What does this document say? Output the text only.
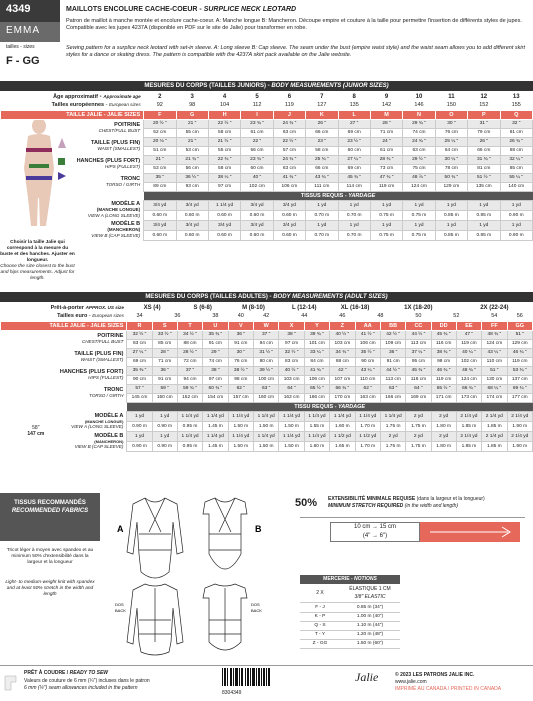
4349
EMMA
tailles - sizes
F - GG
MAILLOTS ENCOLURE CACHE-COEUR - SURPLICE NECK LEOTARD
Patron de maillot à manche montée et encolure cache-coeur. A: Manche longue B: Mancheron. Découpe empire et couture à la taille pour permettre l'insertion de différents styles de jupes. Compatible avec les jupes 4237A (disponible en PDF sur le site de Jalie) pour transformer en robe.
Sewing pattern for a surplice neck leotard with set-in sleeve. A: Long sleeve B: Cap sleeve. The seam under the bust (empire waist style) and the waist seam allows you to add different skirt styles for a dance or skating dress. The pattern is compatible with the 4237A skirt pack available on the Jalie website.
MESURES DU CORPS (TAILLES JUNIORS) - BODY MEASUREMENTS (JUNIOR SIZES)
Choisir la taille Jalie qui correspond à la mesure du buste et des hanches. Ajuster en longueur.
Choose the size closest to the bust and hips measurements. Adjust for length.
Âge approximatif - Approximate age		2	3	4	5	6	7	8	9	10	11	12	13
Tailles européennes - European sizes		92	98	104	112	119	127	135	142	146	150	152	155
TAILLE JALIE - JALIE SIZES		F	G	H	I	J	K	L	M	N	O	P	Q
	POITRINE
CHEST/FULL BUST	20 ½ "	21 "	22 ½ "	23 ¾ "	24 ¾ "	26 "	27 "	28 "	29 ¾ "	30 "	31 "	32 "
		52 cm	55 cm	58 cm	61 cm	63 cm	66 cm	69 cm	71 cm	74 cm	76 cm	79 cm	81 cm
	TAILLE (PLUS FIN)
WAIST (SMALLEST)	20 ⅛ "	21 "	21 ½ "	22 "	22 ½ "	23 "	23 ½ "	24 "	24 ¾ "	25 ¼ "	26 "	26 ¾ "
		51 cm	53 cm	55 cm	56 cm	57 cm	58 cm	60 cm	61 cm	63 cm	64 cm	66 cm	68 cm
	HANCHES (PLUS FORT)
HIPS (FULLEST)	21 "	21 ¾ "	22 ¾ "	23 ¾ "	24 ¾ "	25 ¾ "	27 ¼ "	28 ¾ "	29 ½ "	30 ¼ "	31 ¾ "	32 ¼ "
		53 cm	56 cm	58 cm	60 cm	63 cm	66 cm	69 cm	73 cm	75 cm	78 cm	81 cm	85 cm
	TRONC
TORSO / GIRTH	35 "	36 ½ "	38 ¼ "	40 "	41 ¾ "	43 ¾ "	45 ¾ "	47 ¾ "	48 ⅞ "	50 ¾ "	51 ½ "	55 ¼ "
		89 cm	93 cm	97 cm	102 cm	106 cm	111 cm	114 cm	119 cm	124 cm	129 cm	135 cm	140 cm
		TISSUS REQUIS - YARDAGE											
	MODÈLE A
(MANCHE LONGUE)
VIEW A (LONG SLEEVE)	3/4 yd	3/4 yd	1 1/4 yd	3/4 yd	3/4 yd	1 yd	1 yd	1 yd	1 yd	1 yd	1 yd	1 yd
		0.60 m	0.60 m	0.60 m	0.60 m	0.60 m	0.70 m	0.70 m	0.75 m	0.75 m	0.85 m	0.85 m	0.90 m
	MODÈLE B
(MANCHERON)
VIEW B (CAP SLEEVE)	3/4 yd	3/4 yd	3/4 yd	3/4 yd	3/4 yd	1 yd	1 yd	1 yd	1 yd	1 yd	1 yd	1 yd
		0.60 m	0.60 m	0.60 m	0.60 m	0.60 m	0.70 m	0.70 m	0.75 m	0.75 m	0.85 m	0.85 m	0.90 m
MESURES DU CORPS (TAILLES ADULTES) - BODY MEASUREMENTS (ADULT SIZES)
Prêt-à-porter APPROX. US size		XS (4)		S (6-8)		M (8-10)		L (12-14)		XL (16-18)		1X (18-20)			2X (22-24)		
Tailles euro - European sizes		34	36		38	40	42	44		46	48		50	52		54	56
TAILLE JALIE - JALIE SIZES		R	S	T	U	V	W	X	Y	Z	AA	BB	CC	DD	EE	FF	GG
POITRINE
CHEST/FULL BUST		32 ½ "	33 ½ "	34 ½ "	35 ¾ "	36 "	37 "	38 "	39 ¾ "	40 ½ "	41 ½ "	42 ½ "	44 ½ "	45 ¾ "	47 "	48 ¾ "	51 "
		83 cm	85 cm	88 cm	91 cm	91 cm	94 cm	97 cm	101 cm	103 cm	106 cm	109 cm	113 cm	116 cm	119 cm	124 cm	129 cm
TAILLE (PLUS FIN)
WAIST (SMALLEST)		27 ¼ "	28 "	28 ½ "	29 "	30 "	31 ½ "	32 ½ "	33 ¼ "	34 ¾ "	35 ½ "	36 "	37 ¼ "	38 ¾ "	40 ¼ "	43 ¼ "	46 ¾ "
		69 cm	71 cm	72 cm	74 cm	76 cm	80 cm	83 cm	84 cm	88 cm	90 cm	91 cm	95 cm	98 cm	102 cm	110 cm	119 cm
HANCHES (PLUS FORT)
HIPS (FULLEST)		35 ⅜ "	36 "	37 "	38 "	38 ½ "	39 ½ "	40 ½ "	41 ¾ "	42 "	43 ¼ "	44 ½ "	45 ¾ "	46 ¾ "	48 ¾ "	51 "	53 ¾ "
		90 cm	91 cm	94 cm	97 cm	98 cm	100 cm	103 cm	106 cm	107 cm	110 cm	113 cm	116 cm	119 cm	124 cm	130 cm	137 cm
TRONC
TORSO / GIRTH		57 "	59 "	59 ¾ "	60 ¾ "	62 "	63 "	64 "	65 ½ "	66 ¾ "	62 "	63 "	64 "	65 ½ "	66 ¾ "	68 ¼ "	69 ¾ "
		145 cm	150 cm	152 cm	154 cm	157 cm	160 cm	163 cm	166 cm	170 cm	163 cm	166 cm	169 cm	171 cm	173 cm	174 cm	177 cm
		TISSU REQUIS - YARDAGE															
58"
147 cm	MODÈLE A
(MANCHE LONGUE)
VIEW A (LONG SLEEVE)	1 yd	1 yd	1 1/4 yd	1 1/4 yd	1 1/4 yd	1 1/4 yd	1 1/4 yd	1 1/4 yd	1 1/4 yd	1 1/4 yd	1 1/4 yd	2 yd	2 yd	2 1/4 yd	2 1/4 yd	2 1/4 yd
		0.90 m	0.90 m	0.95 m	1.45 m	1.50 m	1.50 m	1.50 m	1.55 m	1.60 m	1.70 m	1.75 m	1.75 m	1.80 m	1.85 m	1.85 m	1.90 m
	MODÈLE B
(MANCHERON)
VIEW B (CAP SLEEVE)	1 yd	1 yd	1 1/4 yd	1 1/4 yd	1 1/4 yd	1 1/4 yd	1 1/4 yd	1 1/4 yd	1 1/2 yd	1 1/2 yd	2 yd	2 yd	2 yd	2 1/4 yd	2 1/4 yd	2 1/4 yd
		0.90 m	0.90 m	0.95 m	1.45 m	1.50 m	1.50 m	1.50 m	1.60 m	1.65 m	1.70 m	1.75 m	1.75 m	1.80 m	1.85 m	1.85 m	1.90 m
TISSUS RECOMMANDÉS
RECOMMENDED FABRICS
Tricot léger à moyen avec spandex et au minimum 50% d'extensibilité dans la largeur et la longueur
Light- to medium-weight knit with spandex and at least 50% stretch in the width and length
A	B
DOS
BACK
DOS
BACK
50% EXTENSIBILITÉ MINIMALE REQUISE (dans la largeur et la longueur)
MINIMUM STRETCH REQUIRED (in the width and length)
10 cm → 15 cm
(4" → 6")
MERCERIE - NOTIONS
2 X
ÉLASTIQUE 1 CM
3/8" ELASTIC
F - J	0.85 m (34")
K - P	1.00 m (40")
Q - S	1.10 m (44")
T - Y	1.20 m (48")
Z - GG	1.50 m (60")
PRÊT À COUDRE / READY TO SEW
Valeurs de couture de 6 mm (¼") incluses dans le patron
6 mm (¼") seam allowances included in the pattern
8304349
Jalie	© 2023 LES PATRONS JALIE INC.
www.jalie.com
IMPRIMÉ AU CANADA / PRINTED IN CANADA
